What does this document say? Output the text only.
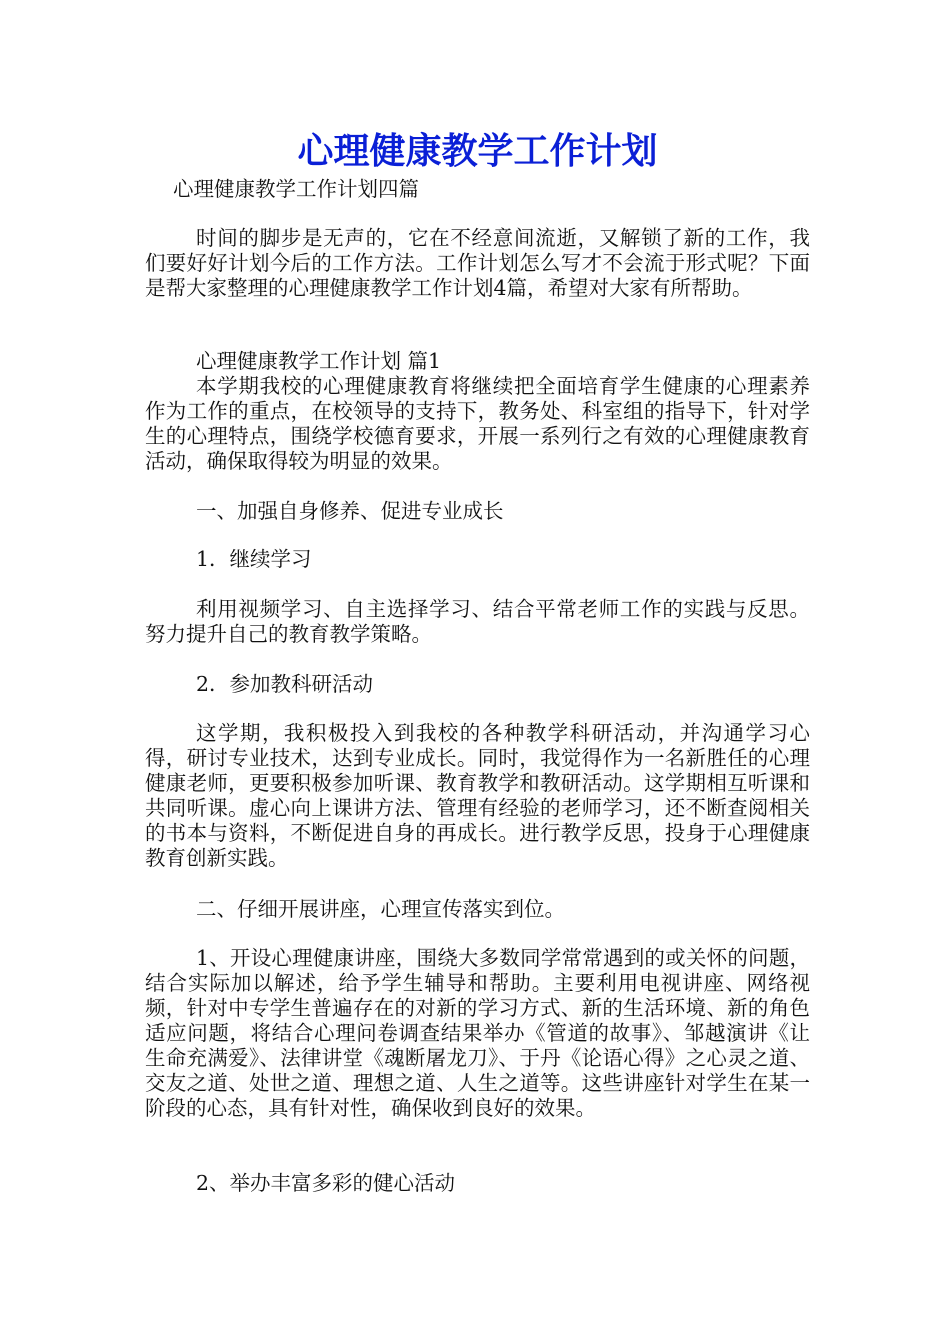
心理健康教学工作计划
心理健康教学工作计划四篇
时间的脚步是无声的，它在不经意间流逝，又解锁了新的工作，我们要好好计划今后的工作方法。工作计划怎么写才不会流于形式呢？下面是帮大家整理的心理健康教学工作计划4篇，希望对大家有所帮助。
心理健康教学工作计划 篇1
本学期我校的心理健康教育将继续把全面培育学生健康的心理素养作为工作的重点，在校领导的支持下，教务处、科室组的指导下，针对学生的心理特点，围绕学校德育要求，开展一系列行之有效的心理健康教育活动，确保取得较为明显的效果。
一、加强自身修养、促进专业成长
1．继续学习
利用视频学习、自主选择学习、结合平常老师工作的实践与反思。努力提升自己的教育教学策略。
2．参加教科研活动
这学期，我积极投入到我校的各种教学科研活动，并沟通学习心得，研讨专业技术，达到专业成长。同时，我觉得作为一名新胜任的心理健康老师，更要积极参加听课、教育教学和教研活动。这学期相互听课和共同听课。虚心向上课讲方法、管理有经验的老师学习，还不断查阅相关的书本与资料，不断促进自身的再成长。进行教学反思，投身于心理健康教育创新实践。
二、仔细开展讲座，心理宣传落实到位。
1、开设心理健康讲座，围绕大多数同学常常遇到的或关怀的问题，结合实际加以解述，给予学生辅导和帮助。主要利用电视讲座、网络视频，针对中专学生普遍存在的对新的学习方式、新的生活环境、新的角色适应问题，将结合心理问卷调查结果举办《管道的故事》、邹越演讲《让生命充满爱》、法律讲堂《魂断屠龙刀》、于丹《论语心得》之心灵之道、交友之道、处世之道、理想之道、人生之道等。这些讲座针对学生在某一阶段的心态，具有针对性，确保收到良好的效果。
2、举办丰富多彩的健心活动
